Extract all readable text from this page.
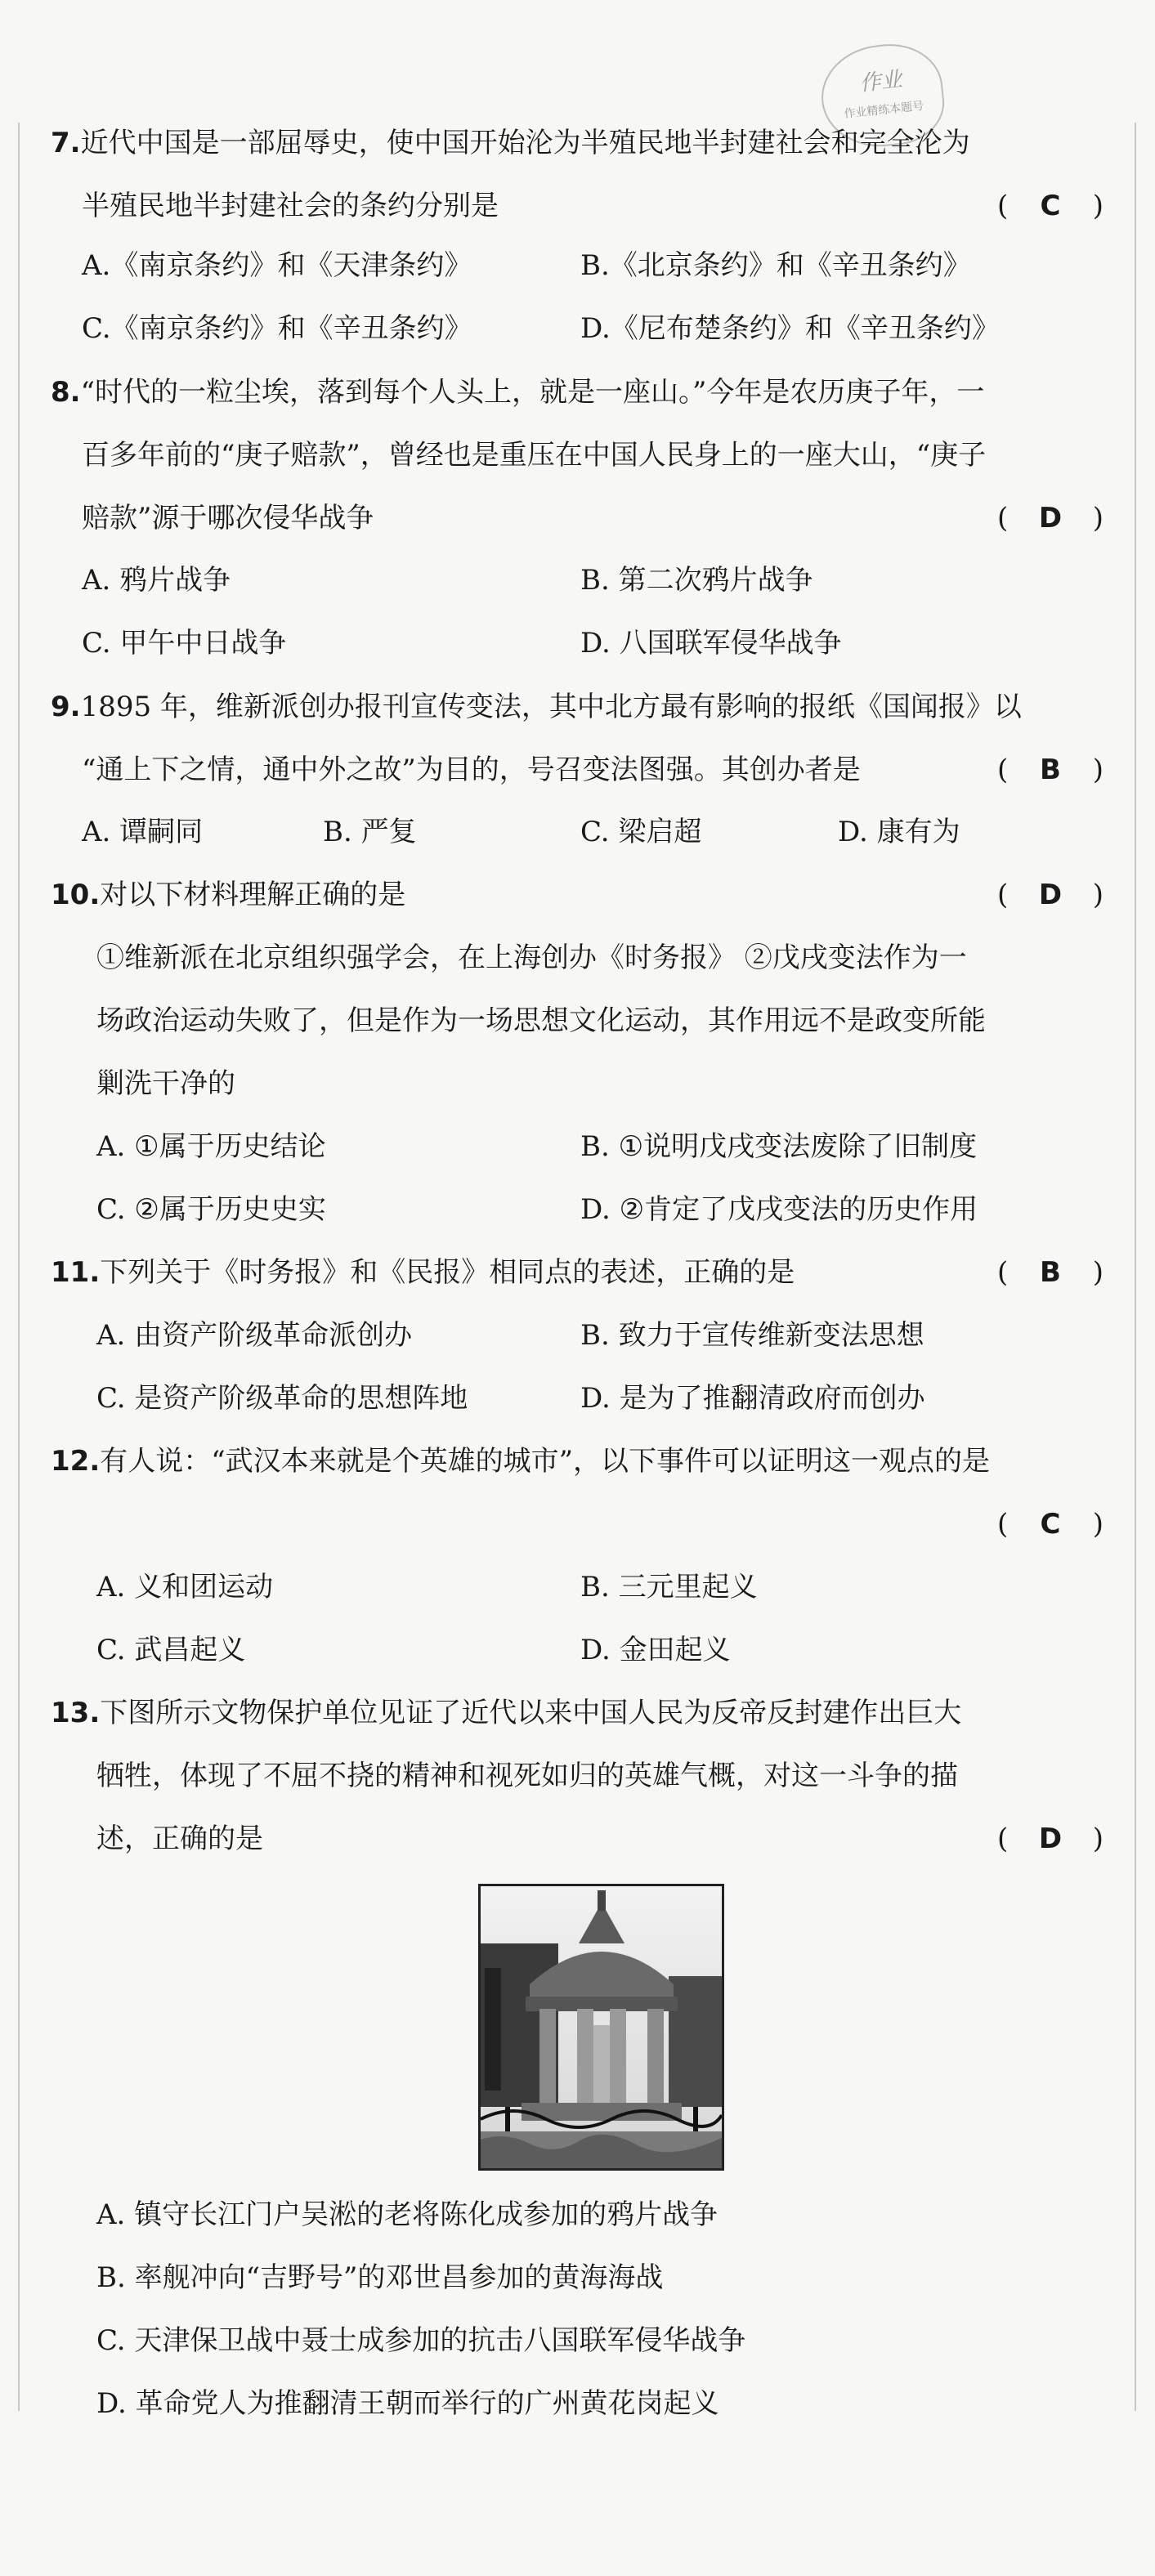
作业
作业精练本题号
7.近代中国是一部屈辱史，使中国开始沦为半殖民地半封建社会和完全沦为
半殖民地半封建社会的条约分别是	( C )
A.《南京条约》和《天津条约》	B.《北京条约》和《辛丑条约》
C.《南京条约》和《辛丑条约》	D.《尼布楚条约》和《辛丑条约》
8.“时代的一粒尘埃，落到每个人头上，就是一座山。”今年是农历庚子年，一
百多年前的“庚子赔款”，曾经也是重压在中国人民身上的一座大山，“庚子
赔款”源于哪次侵华战争	( D )
A. 鸦片战争	B. 第二次鸦片战争
C. 甲午中日战争	D. 八国联军侵华战争
9.1895 年，维新派创办报刊宣传变法，其中北方最有影响的报纸《国闻报》以
“通上下之情，通中外之故”为目的，号召变法图强。其创办者是	( B )
A. 谭嗣同	B. 严复	C. 梁启超	D. 康有为
10.对以下材料理解正确的是	( D )
①维新派在北京组织强学会，在上海创办《时务报》 ②戊戌变法作为一
场政治运动失败了，但是作为一场思想文化运动，其作用远不是政变所能
剿洗干净的
A. ①属于历史结论	B. ①说明戊戌变法废除了旧制度
C. ②属于历史史实	D. ②肯定了戊戌变法的历史作用
11.下列关于《时务报》和《民报》相同点的表述，正确的是	( B )
A. 由资产阶级革命派创办	B. 致力于宣传维新变法思想
C. 是资产阶级革命的思想阵地	D. 是为了推翻清政府而创办
12.有人说：“武汉本来就是个英雄的城市”，以下事件可以证明这一观点的是
( C )
A. 义和团运动	B. 三元里起义
C. 武昌起义	D. 金田起义
13.下图所示文物保护单位见证了近代以来中国人民为反帝反封建作出巨大
牺牲，体现了不屈不挠的精神和视死如归的英雄气概，对这一斗争的描
述，正确的是	( D )
A. 镇守长江门户吴淞的老将陈化成参加的鸦片战争
B. 率舰冲向“吉野号”的邓世昌参加的黄海海战
C. 天津保卫战中聂士成参加的抗击八国联军侵华战争
D. 革命党人为推翻清王朝而举行的广州黄花岗起义
